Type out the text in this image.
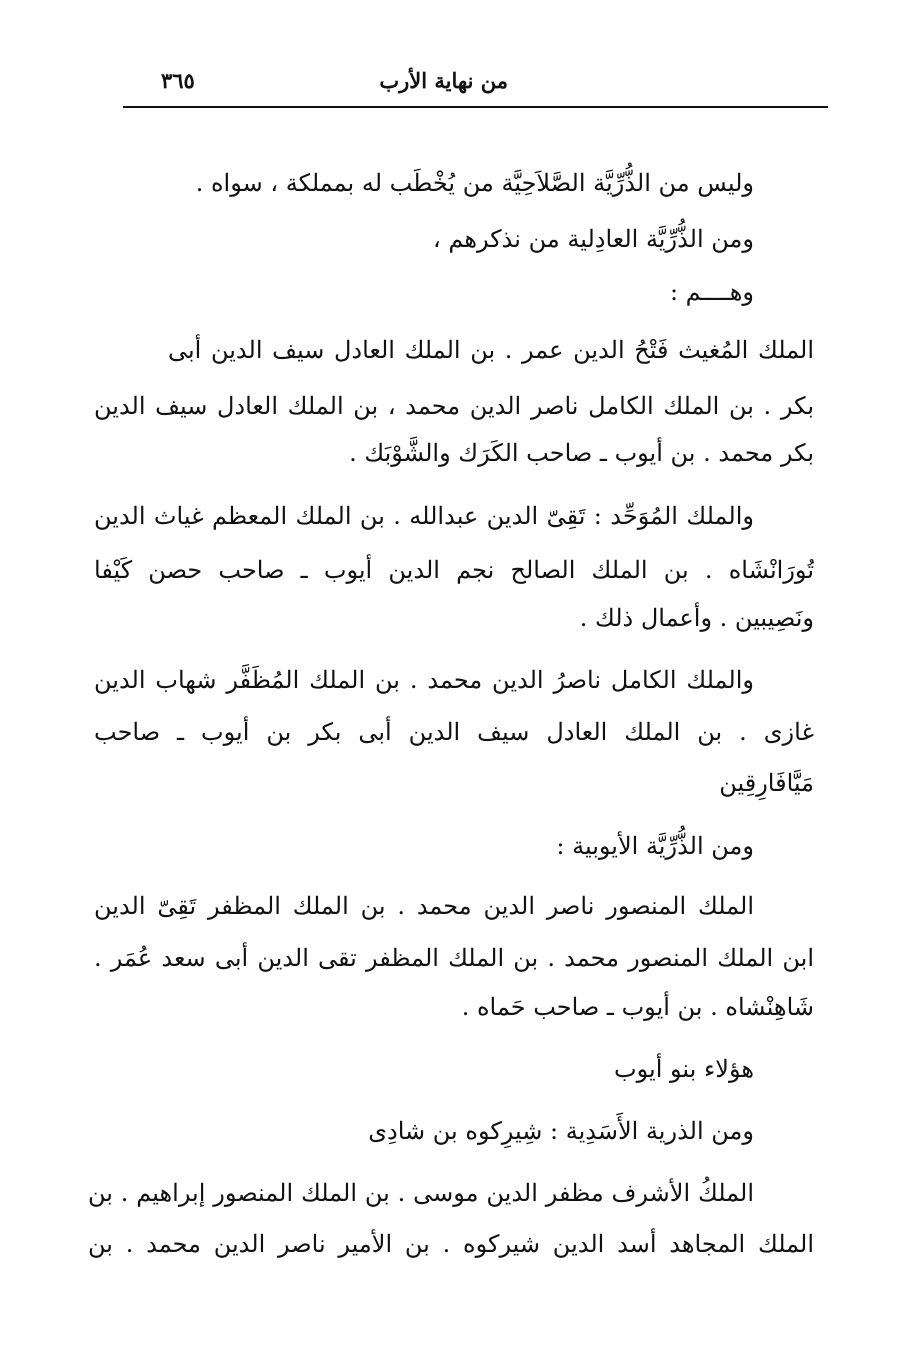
من نهاية الأرب
٣٦٥
وليس من الذُّرِّيَّة الصَّلاَحِيَّة من يُخْطَب له بمملكة ، سواه .
ومن الذُّرِّيَّة العادِلية من نذكرهم ،
وهــــم :
الملك المُغيث فَتْحُ الدين عمر . بن الملك العادل سيف الدين أبى
بكر . بن الملك الكامل ناصر الدين محمد ، بن الملك العادل سيف الدين
بكر محمد . بن أيوب ـ صاحب الكَرَك والشَّوْبَك .
والملك المُوَحِّد : تَقِىّ الدين عبدالله . بن الملك المعظم غياث الدين
تُورَانْشَاه . بن الملك الصالح نجم الدين أيوب ـ صاحب حصن كَيْفا
ونَصِيبين . وأعمال ذلك .
والملك الكامل ناصرُ الدين محمد . بن الملك المُظَفَّر شهاب الدين
غازى . بن الملك العادل سيف الدين أبى بكر بن أيوب ـ صاحب
مَيَّافَارِقِين
ومن الذُّرِّيَّة الأيوبية :
الملك المنصور ناصر الدين محمد . بن الملك المظفر تَقِىّ الدين
ابن الملك المنصور محمد . بن الملك المظفر تقى الدين أبى سعد عُمَر .
شَاهِنْشاه . بن أيوب ـ صاحب حَماه .
هؤلاء بنو أيوب
ومن الذرية الأَسَدِية : شِيرِكوه بن شادِى
الملكُ الأشرف مظفر الدين موسى . بن الملك المنصور إبراهيم . بن
الملك المجاهد أسد الدين شيركوه . بن الأمير ناصر الدين محمد . بن
